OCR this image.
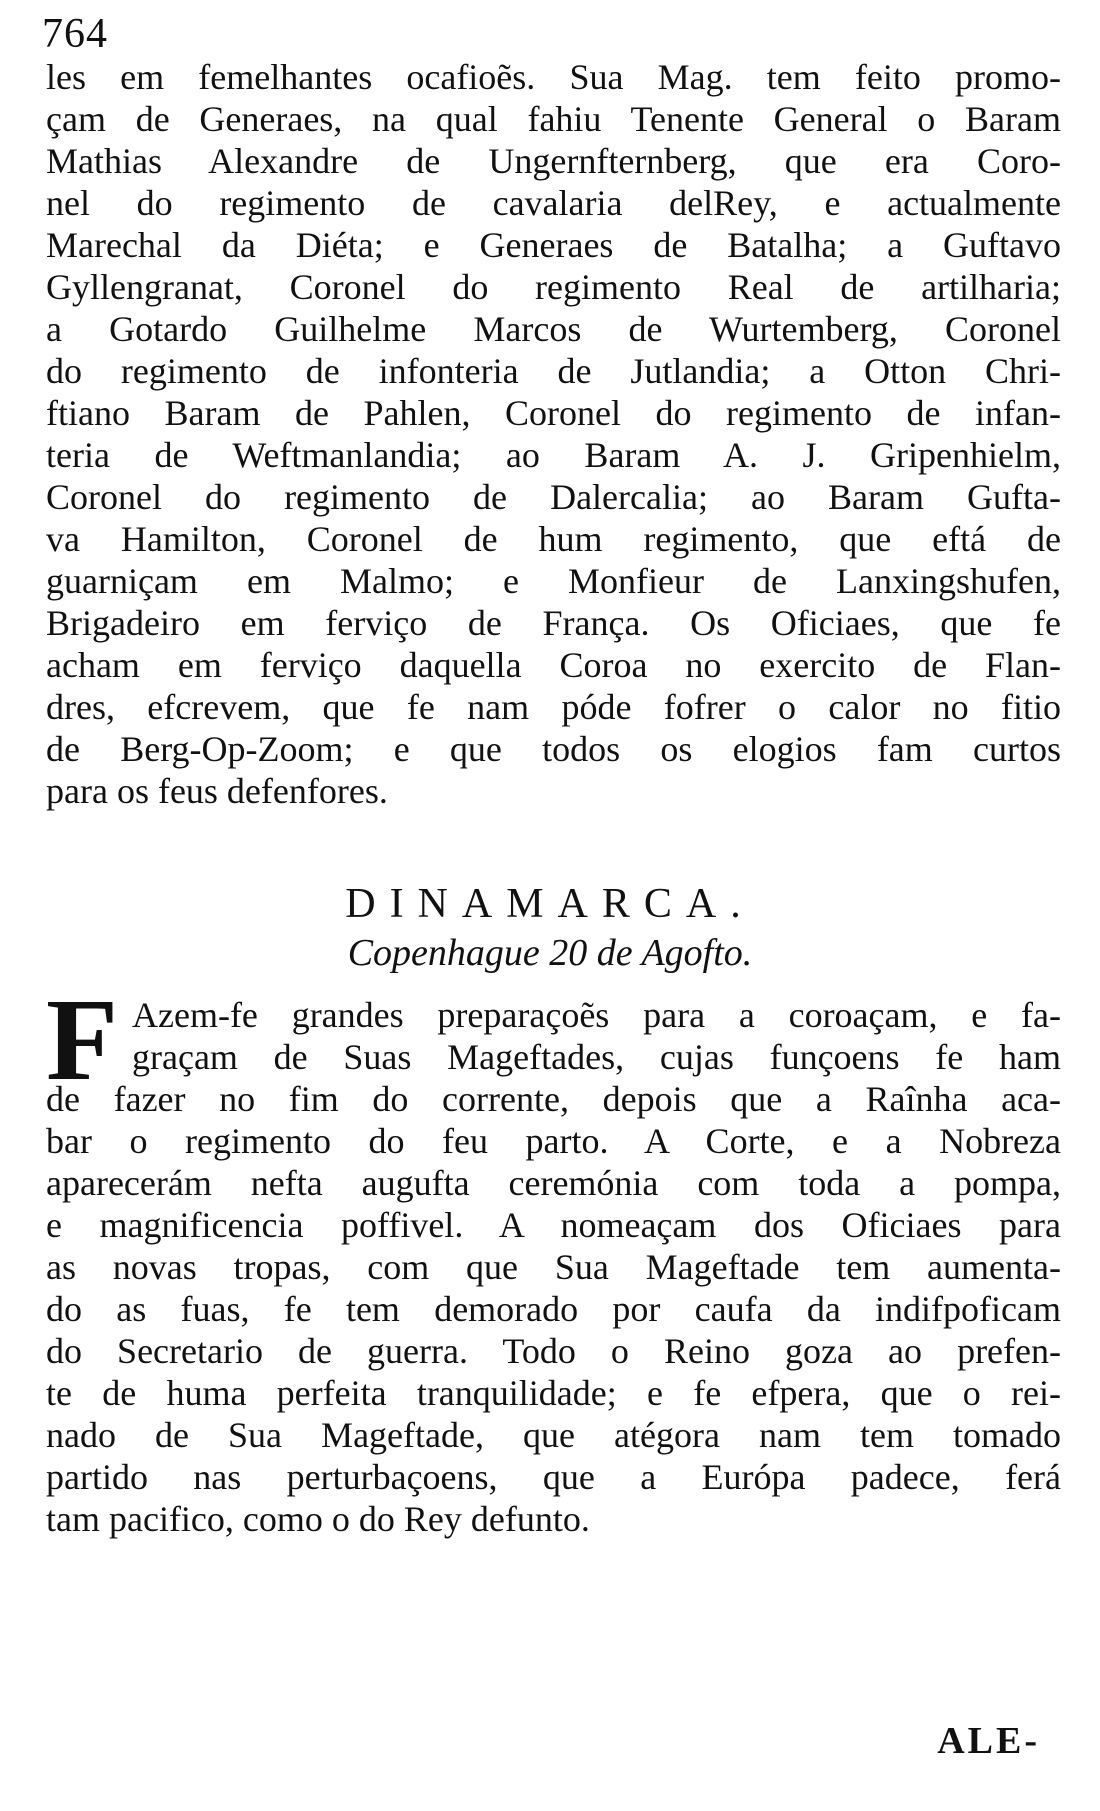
764
les em femelhantes ocafioẽs. Sua Mag. tem feito promo-
çam de Generaes, na qual fahiu Tenente General o Baram
Mathias Alexandre de Ungernfternberg, que era Coro-
nel do regimento de cavalaria delRey, e actualmente
Marechal da Diéta; e Generaes de Batalha; a Guftavo
Gyllengranat, Coronel do regimento Real de artilharia;
a Gotardo Guilhelme Marcos de Wurtemberg, Coronel
do regimento de infonteria de Jutlandia; a Otton Chri-
ftiano Baram de Pahlen, Coronel do regimento de infan-
teria de Weftmanlandia; ao Baram A. J. Gripenhielm,
Coronel do regimento de Dalercalia; ao Baram Gufta-
va Hamilton, Coronel de hum regimento, que eftá de
guarniçam em Malmo; e Monfieur de Lanxingshufen,
Brigadeiro em ferviço de França. Os Oficiaes, que fe
acham em ferviço daquella Coroa no exercito de Flan-
dres, efcrevem, que fe nam póde fofrer o calor no fitio
de Berg-Op-Zoom; e que todos os elogios fam curtos
para os feus defenfores.
DINAMARCA.
Copenhague 20 de Agofto.
F Azem-fe grandes preparaçoẽs para a coroaçam, e fa-
graçam de Suas Mageftades, cujas funçoens fe ham
de fazer no fim do corrente, depois que a Raînha aca-
bar o regimento do feu parto. A Corte, e a Nobreza
aparecerám nefta augufta ceremónia com toda a pompa,
e magnificencia poffivel. A nomeaçam dos Oficiaes para
as novas tropas, com que Sua Mageftade tem aumenta-
do as fuas, fe tem demorado por caufa da indifpoficam
do Secretario de guerra. Todo o Reino goza ao prefen-
te de huma perfeita tranquilidade; e fe efpera, que o rei-
nado de Sua Mageftade, que atégora nam tem tomado
partido nas perturbaçoens, que a Európa padece, ferá
tam pacifico, como o do Rey defunto.
ALE-
